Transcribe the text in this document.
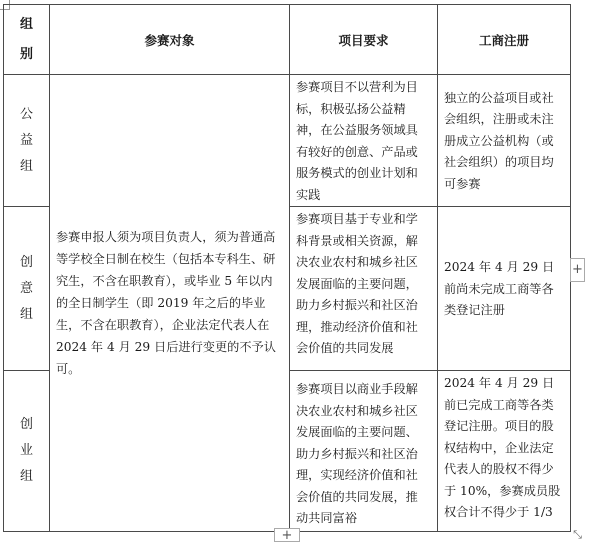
组别	参赛对象	项目要求	工商注册
公益组	参赛申报人须为项目负责人，须为普通高等学校全日制在校生（包括本专科生、研究生，不含在职教育），或毕业 5 年以内的全日制学生（即 2019 年之后的毕业生，不含在职教育），企业法定代表人在 2024 年 4 月 29 日后进行变更的不予认可。	参赛项目不以营利为目标，积极弘扬公益精神，在公益服务领域具有较好的创意、产品或服务模式的创业计划和实践	独立的公益项目或社会组织，注册或未注册成立公益机构（或社会组织）的项目均可参赛
创意组		参赛项目基于专业和学科背景或相关资源，解决农业农村和城乡社区发展面临的主要问题，助力乡村振兴和社区治理，推动经济价值和社会价值的共同发展	2024 年 4 月 29 日前尚未完成工商等各类登记注册
创业组		参赛项目以商业手段解决农业农村和城乡社区发展面临的主要问题、助力乡村振兴和社区治理，实现经济价值和社会价值的共同发展，推动共同富裕	2024 年 4 月 29 日前已完成工商等各类登记注册。项目的股权结构中，企业法定代表人的股权不得少于 10%，参赛成员股权合计不得少于 1/3
+
+	⤡
